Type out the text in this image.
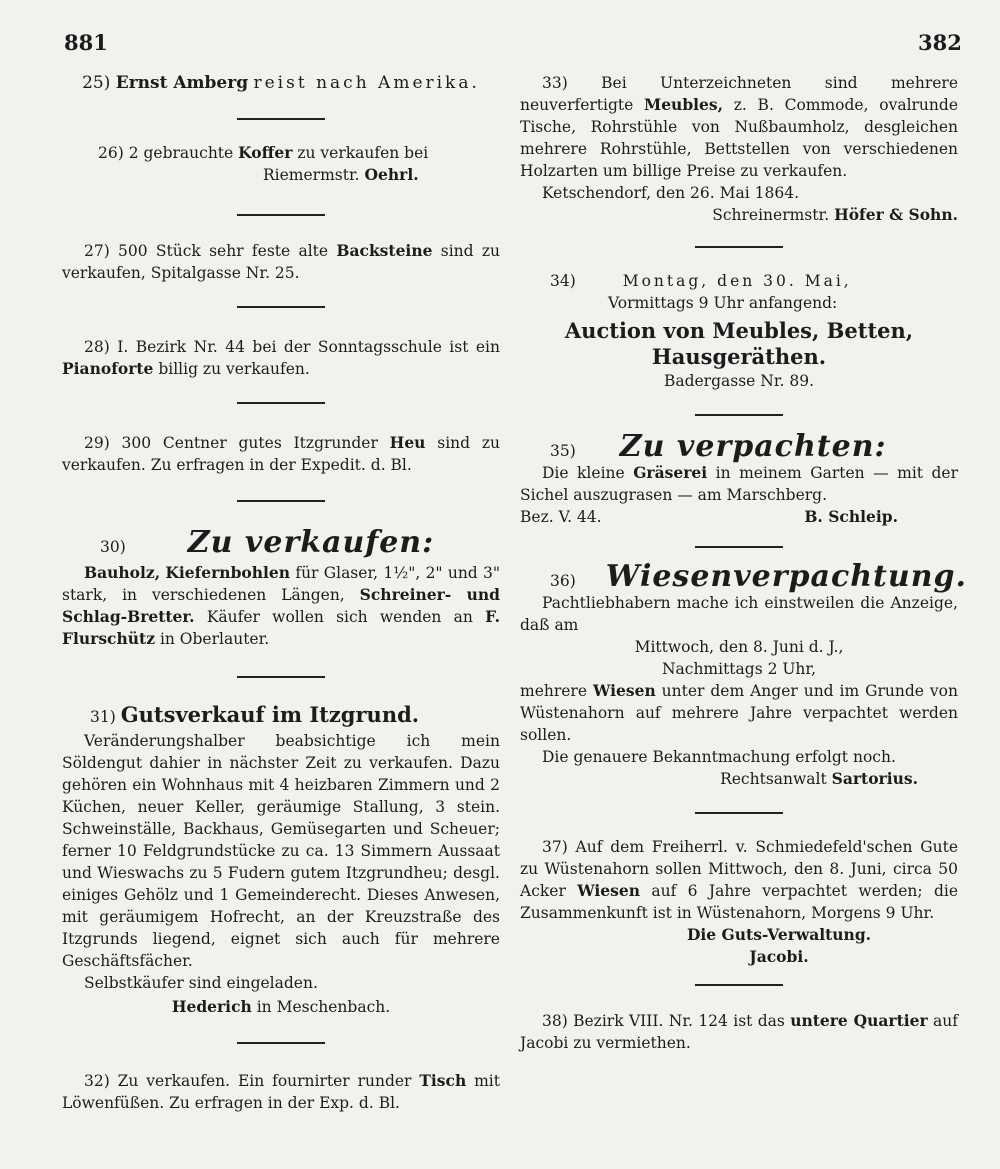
881	382
25) Ernst Amberg reist nach Amerika.
26) 2 gebrauchte Koffer zu verkaufen bei
Riemermstr. Oehrl.
27) 500 Stück sehr feste alte Backsteine sind zu verkaufen, Spitalgasse Nr. 25.
28) I. Bezirk Nr. 44 bei der Sonntagsschule ist ein Pianoforte billig zu verkaufen.
29) 300 Centner gutes Itzgrunder Heu sind zu verkaufen. Zu erfragen in der Expedit. d. Bl.
30) Zu verkaufen:
Bauholz, Kiefernbohlen für Glaser, 1½", 2" und 3" stark, in verschiedenen Längen, Schreiner- und Schlag-Bretter. Käufer wollen sich wenden an F. Flurschütz in Oberlauter.
31) Gutsverkauf im Itzgrund.
Veränderungshalber beabsichtige ich mein Söldengut dahier in nächster Zeit zu verkaufen. Dazu gehören ein Wohnhaus mit 4 heizbaren Zimmern und 2 Küchen, neuer Keller, geräumige Stallung, 3 stein. Schweinställe, Backhaus, Gemüsegarten und Scheuer; ferner 10 Feldgrundstücke zu ca. 13 Simmern Aussaat und Wieswachs zu 5 Fudern gutem Itzgrundheu; desgl. einiges Gehölz und 1 Gemeinderecht. Dieses Anwesen, mit geräumigem Hofrecht, an der Kreuzstraße des Itzgrunds liegend, eignet sich auch für mehrere Geschäftsfächer.
Selbstkäufer sind eingeladen.
Hederich in Meschenbach.
32) Zu verkaufen. Ein fournirter runder Tisch mit Löwenfüßen. Zu erfragen in der Exp. d. Bl.
33) Bei Unterzeichneten sind mehrere neuverfertigte Meubles, z. B. Commode, ovalrunde Tische, Rohrstühle von Nußbaumholz, desgleichen mehrere Rohrstühle, Bettstellen von verschiedenen Holzarten um billige Preise zu verkaufen.
Ketschendorf, den 26. Mai 1864.
Schreinermstr. Höfer & Sohn.
34)	Montag, den 30. Mai,
Vormittags 9 Uhr anfangend:
Auction von Meubles, Betten, Hausgeräthen.
Badergasse Nr. 89.
35) Zu verpachten:
Die kleine Gräserei in meinem Garten — mit der Sichel auszugrasen — am Marschberg.
Bez. V. 44.	B. Schleip.
36) Wiesenverpachtung.
Pachtliebhabern mache ich einstweilen die Anzeige, daß am
Mittwoch, den 8. Juni d. J.,
Nachmittags 2 Uhr,
mehrere Wiesen unter dem Anger und im Grunde von Wüstenahorn auf mehrere Jahre verpachtet werden sollen.
Die genauere Bekanntmachung erfolgt noch.
Rechtsanwalt Sartorius.
37) Auf dem Freiherrl. v. Schmiedefeld'schen Gute zu Wüstenahorn sollen Mittwoch, den 8. Juni, circa 50 Acker Wiesen auf 6 Jahre verpachtet werden; die Zusammenkunft ist in Wüstenahorn, Morgens 9 Uhr.
Die Guts-Verwaltung.
Jacobi.
38) Bezirk VIII. Nr. 124 ist das untere Quartier auf Jacobi zu vermiethen.
